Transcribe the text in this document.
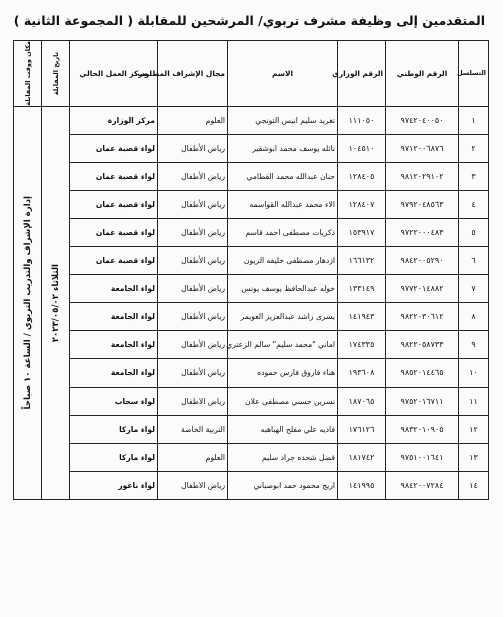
المتقدمين إلى وظيفة مشرف تربوي/ المرشحين للمقابلة ( المجموعة الثانية )
التسلسل	الرقم الوطني	الرقم الوزاري	الاسم	مجال الإشراف المطلوب	مركز العمل الحالي	تاريخ المقابلة	مكان ووقت المقابلة

١	٩٧٤٢٠٤٠٠٥٠	١١١٠٥٠	تغريد سليم انيس التونجي	العلوم	مركز الوزارة	الثلاثاء ٢٠٢٣/٠٥/٠٢	إدارة الإشراف والتدريب التربوي / الساعة ١٠ صباحاً

٢	٩٧١٢٠٠٦٨٧٦	١٠٤٥١٠	نائله يوسف محمد ابوشقير	رياض الأطفال	لواء قصبة عمان		
٣	٩٨١٢٠٢٩١٠٢	١٢٨٤٠٥	حنان عبدالله محمد القطامي	رياض الأطفال	لواء قصبة عمان		
٤	٩٧٩٢٠٤٨٥٦٣	١٢٨٤٠٧	الاء محمد عبدالله القواسمه	رياض الأطفال	لواء قصبة عمان		
٥	٩٧٢٢٠٠٠٤٨٣	١٥٣٩١٧	ذكريات مصطفى احمد قاسم	رياض الأطفال	لواء قصبة عمان		
٦	٩٨٤٢٠٠٥٢٩٠	١٦٦١٣٢	ازدهار مصطفى خليفه الزيون	رياض الأطفال	لواء قصبة عمان		
٧	٩٧٧٢٠١٤٨٨٢	١٣٣١٤٩	خوله عبدالحافظ يوسف يونس	رياض الأطفال	لواء الجامعة		
٨	٩٨٢٢٠٣٠٦١٢	١٤١٩٤٣	يسرى راشد عبدالعزيز العويمر	رياض الأطفال	لواء الجامعة		
٩	٩٨٢٢٠٥٨٧٣٣	١٧٤٣٣٥	اماني "محمد سليم" سالم الزعتري	رياض الأطفال	لواء الجامعة		
١٠	٩٨٥٢٠١٤٤٦٥	١٩٣٦٠٨	هناء فاروق فارس حموده	رياض الأطفال	لواء الجامعة		
١١	٩٧٥٢٠١٦٧١١	١٨٧٠٦٥	نسرين حسني مصطفى علان	رياض الاطفال	لواء سحاب		
١٢	٩٨٣٢٠١٠٩٠٥	١٧٦١٢٦	فاديه علي مفلح الهباهبه	التربية الخاصة	لواء ماركا		
١٣	٩٧٥١٠٠١٦٤١	١٨١٧٤٢	فضل شحده جراد سليم	العلوم	لواء ماركا		
١٤	٩٨٤٢٠٠٧٢٨٤	١٤١٩٩٥	اريج محمود حمد ابوصباني	رياض الاطفال	لواء ناعور		
